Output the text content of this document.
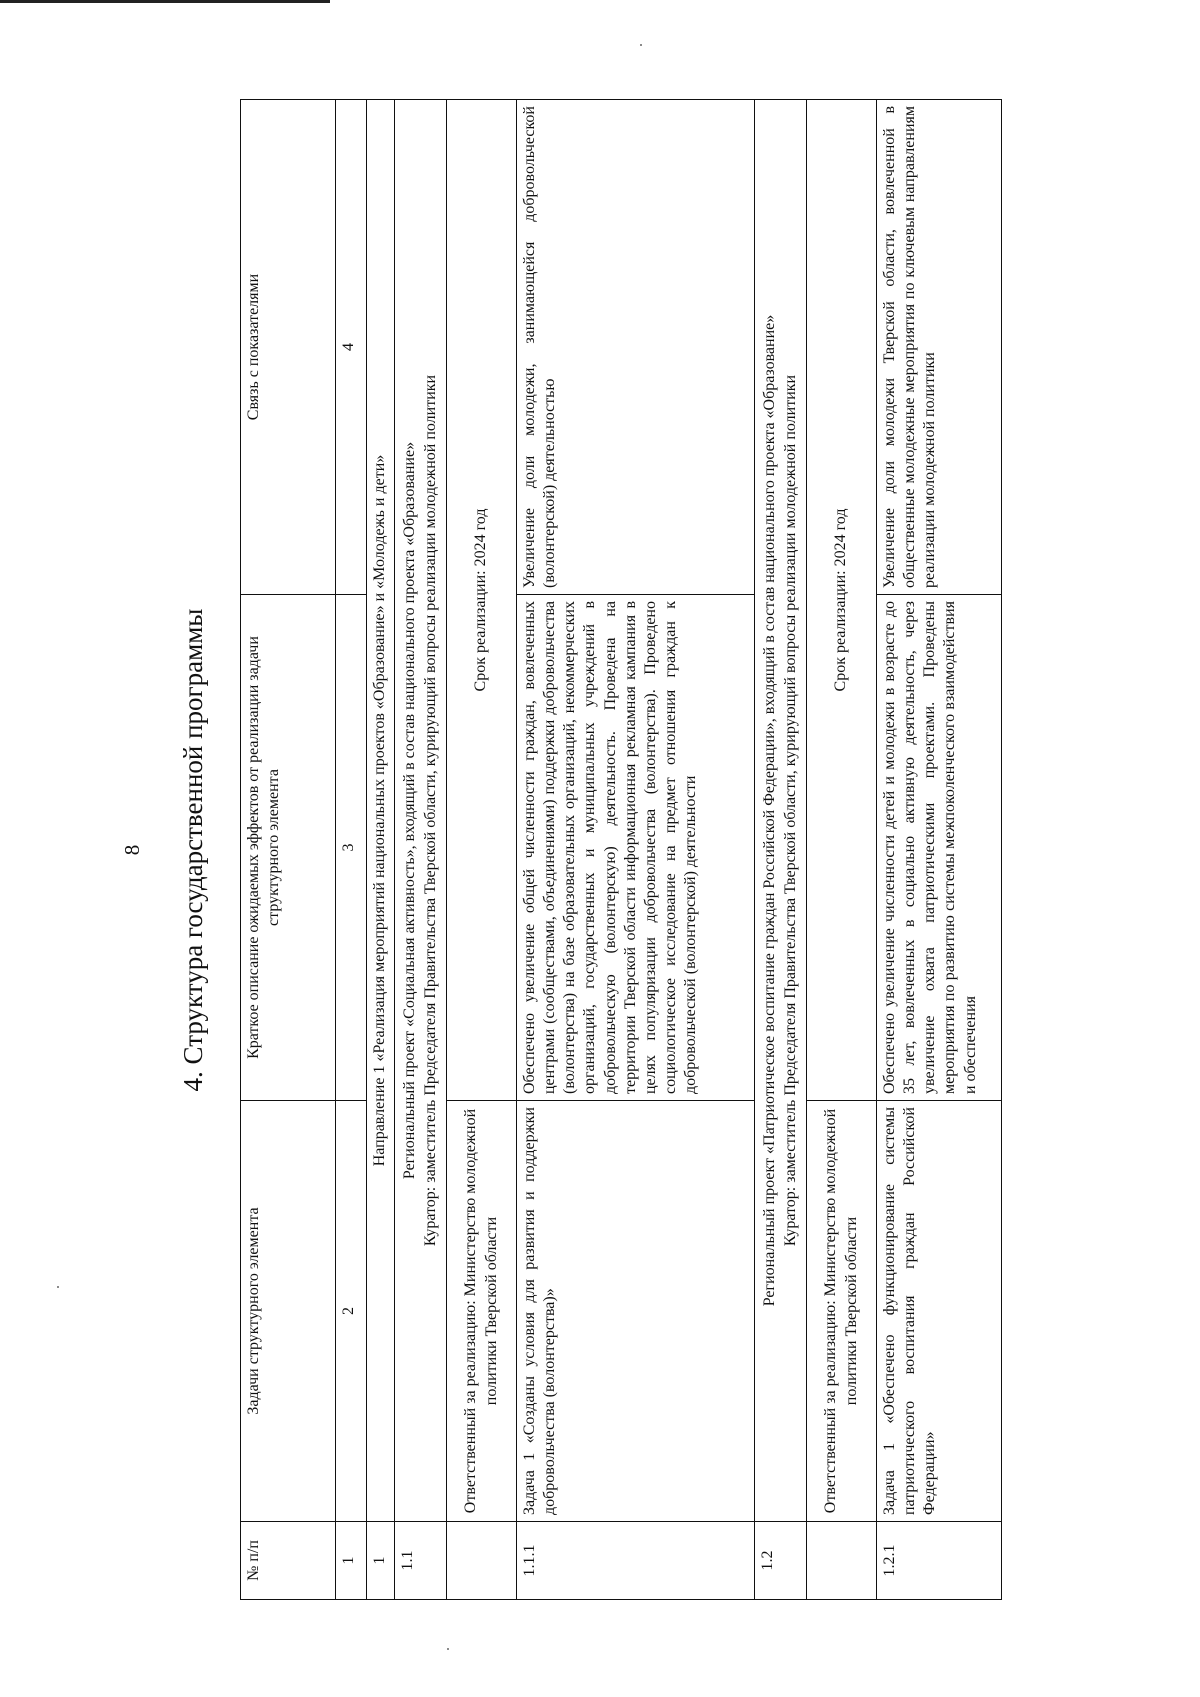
8 4. Структура государственной программы
№ п/п	Задачи структурного элемента	Краткое описание ожидаемых эффектов от реализации задачи структурного элемента	Связь с показателями
1	2	3	4
1	Направление 1 «Реализация мероприятий национальных проектов «Образование» и «Молодежь и дети»		
1.1	Региональный проект «Социальная активность», входящий в состав национального проекта «Образование» Куратор: заместитель Председателя Правительства Тверской области, курирующий вопросы реализации молодежной политики		

	Ответственный за реализацию: Министерство молодежной политики Тверской области	Срок реализации: 2024 год	
1.1.1	Задача 1 «Созданы условия для развития и поддержки добровольчества (волонтерства)»	Обеспечено увеличение общей численности граждан, вовлеченных центрами (сообществами, объединениями) поддержки добровольчества (волонтерства) на базе образовательных организаций, некоммерческих организаций, государственных и муниципальных учреждений в добровольческую (волонтерскую) деятельность. Проведена на территории Тверской области информационная рекламная кампания в целях популяризации добровольчества (волонтерства). Проведено социологическое исследование на предмет отношения граждан к добровольческой (волонтерской) деятельности	Увеличение доли молодежи, занимающейся добровольческой (волонтерской) деятельностью
1.2	Региональный проект «Патриотическое воспитание граждан Российской Федерации», входящий в состав национального проекта «Образование» Куратор: заместитель Председателя Правительства Тверской области, курирующий вопросы реализации молодежной политики		

	Ответственный за реализацию: Министерство молодежной политики Тверской области	Срок реализации: 2024 год	
1.2.1	Задача 1 «Обеспечено функционирование системы патриотического воспитания граждан Российской Федерации»	Обеспечено увеличение численности детей и молодежи в возрасте до 35 лет, вовлеченных в социально активную деятельность, через увеличение охвата патриотическими проектами. Проведены мероприятия по развитию системы межпоколенческого взаимодействия и обеспечения	Увеличение доли молодежи Тверской области, вовлеченной в общественные молодежные мероприятия по ключевым направлениям реализации молодежной политики
